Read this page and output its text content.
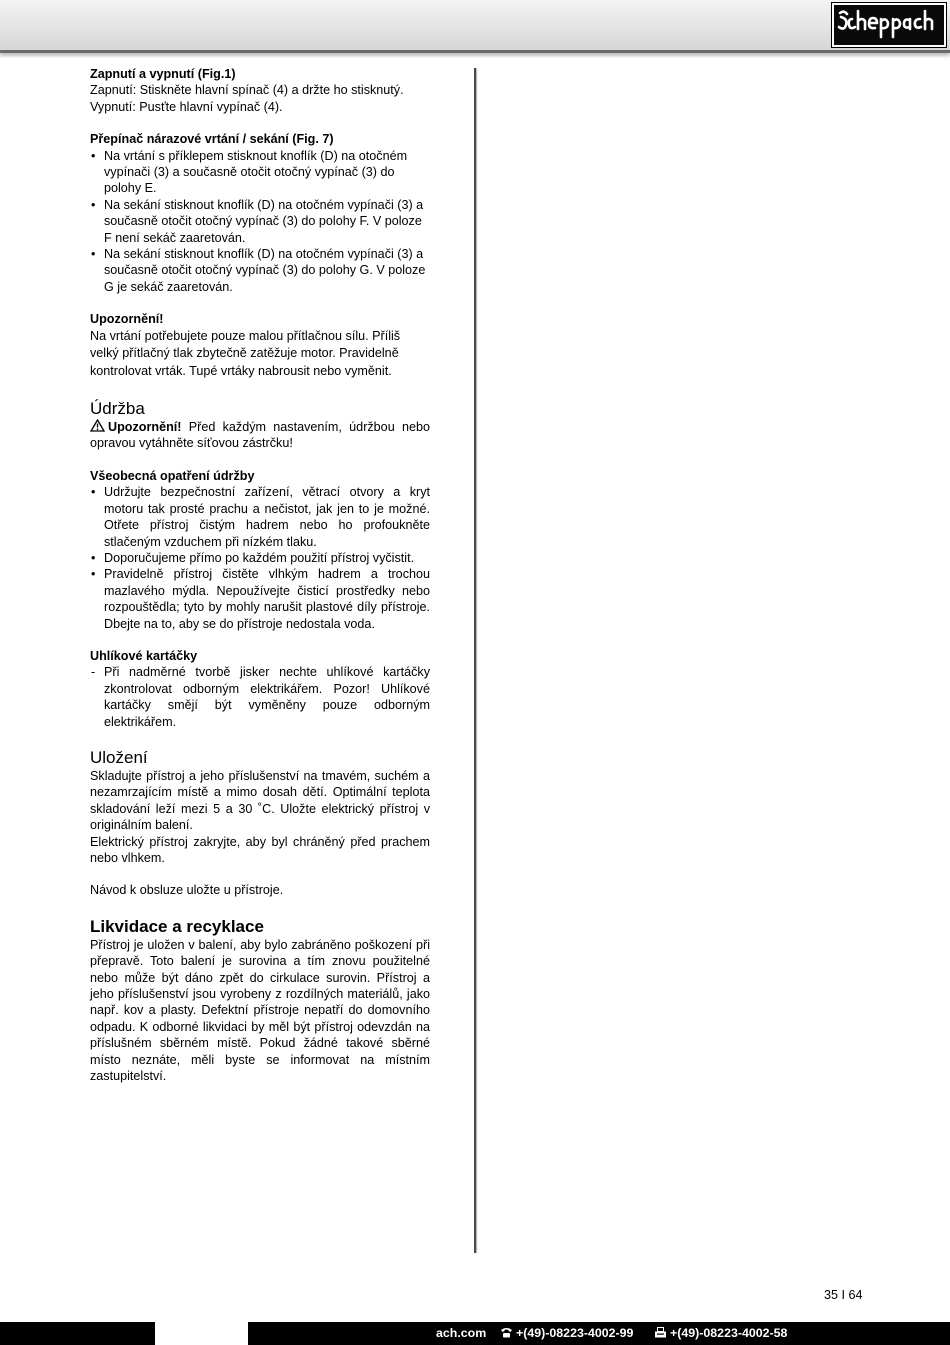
Zapnutí a vypnutí (Fig.1)

Zapnutí: Stiskněte hlavní spínač (4) a držte ho stisknutý.

Vypnutí: Pusťte hlavní vypínač (4).

Přepínač nárazové vrtání / sekání (Fig. 7)

• Na vrtání s příklepem stisknout knoflík (D) na otočném vypínači (3) a současně otočit otočný vypínač (3) do polohy E.
• Na sekání stisknout knoflík (D) na otočném vypínači (3) a současně otočit otočný vypínač (3) do polohy F. V poloze F není sekáč zaaretován.
• Na sekání stisknout knoflík (D) na otočném vypínači (3) a současně otočit otočný vypínač (3) do polohy G. V poloze G je sekáč zaaretován.

Upozornění!

Na vrtání potřebujete pouze malou přítlačnou sílu. Příliš velký přítlačný tlak zbytečně zatěžuje motor. Pravidelně kontrolovat vrták. Tupé vrtáky nabrousit nebo vyměnit.

Údržba

Upozornění! Před každým nastavením, údržbou nebo opravou vytáhněte síťovou zástrčku!

Všeobecná opatření údržby

• Udržujte bezpečnostní zařízení, větrací otvory a kryt motoru tak prosté prachu a nečistot, jak jen to je možné. Otřete přístroj čistým hadrem nebo ho profoukněte stlačeným vzduchem při nízkém tlaku.
• Doporučujeme přímo po každém použití přístroj vyčistit.
• Pravidelně přístroj čistěte vlhkým hadrem a trochou mazlavého mýdla. Nepoužívejte čisticí prostředky nebo rozpouštědla; tyto by mohly narušit plastové díly přístroje. Dbejte na to, aby se do přístroje nedostala voda.

Uhlíkové kartáčky

- Při nadměrné tvorbě jisker nechte uhlíkové kartáčky zkontrolovat odborným elektrikářem. Pozor! Uhlíkové kartáčky smějí být vyměněny pouze odborným elektrikářem.

Uložení

Skladujte přístroj a jeho příslušenství na tmavém, suchém a nezamrzajícím místě a mimo dosah dětí. Optimální teplota skladování leží mezi 5 a 30 ˚C. Uložte elektrický přístroj v originálním balení.

Elektrický přístroj zakryjte, aby byl chráněný před prachem nebo vlhkem.

Návod k obsluze uložte u přístroje.

Likvidace a recyklace

Přístroj je uložen v balení, aby bylo zabráněno poškození při přepravě. Toto balení je surovina a tím znovu použitelné nebo může být dáno zpět do cirkulace surovin. Přístroj a jeho příslušenství jsou vyrobeny z rozdílných materiálů, jako např. kov a plasty. Defektní přístroje nepatří do domovního odpadu. K odborné likvidaci by měl být přístroj odevzdán na příslušném sběrném místě. Pokud žádné takové sběrné místo neznáte, měli byste se informovat na místním zastupitelství.

35 I 64
ach.com	+(49)-08223-4002-99	+(49)-08223-4002-58
